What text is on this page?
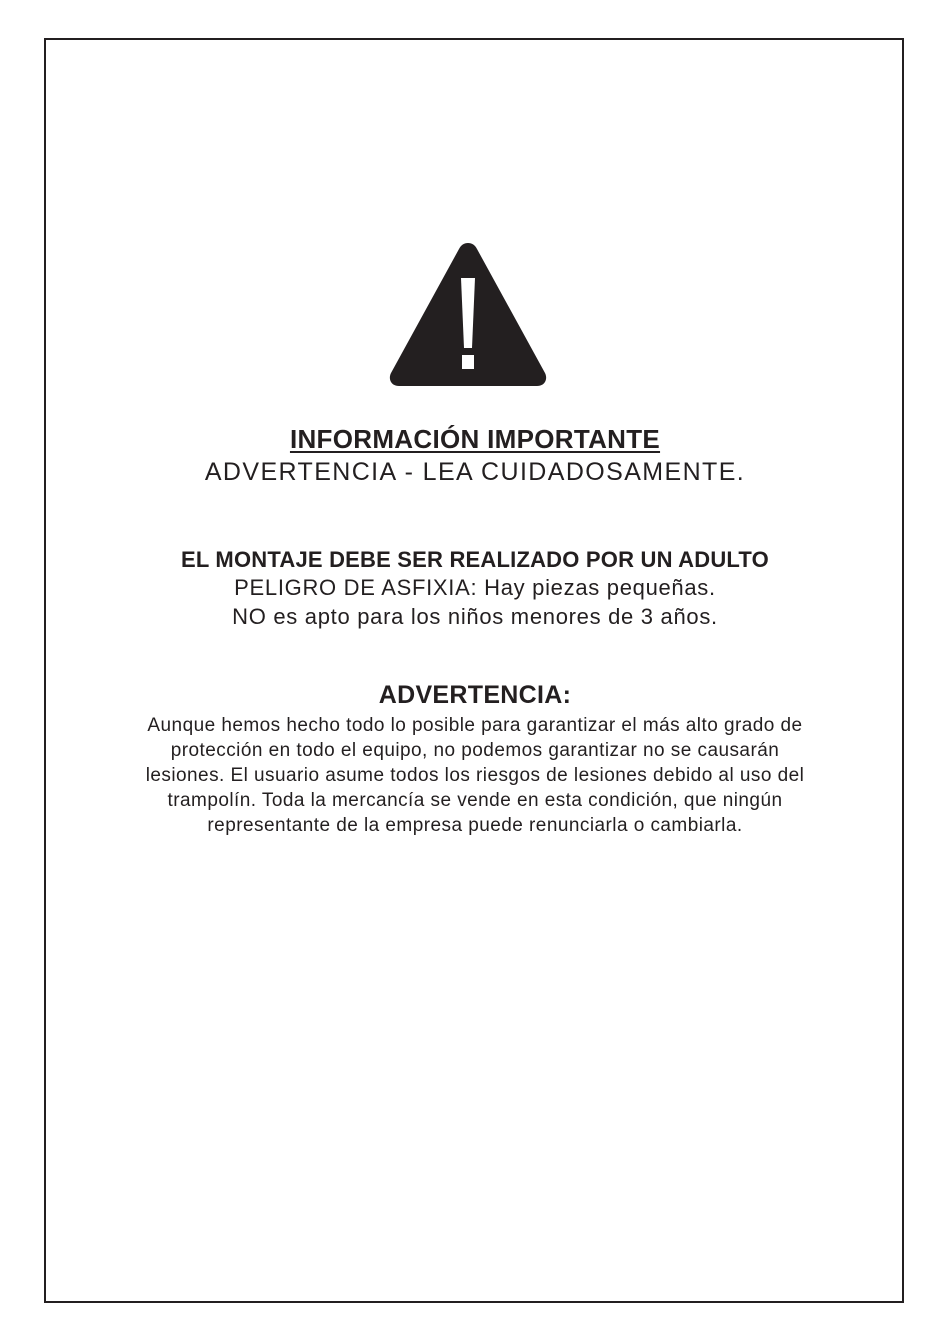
INFORMACIÓN IMPORTANTE
ADVERTENCIA - LEA CUIDADOSAMENTE.
EL MONTAJE DEBE SER REALIZADO POR UN ADULTO
PELIGRO DE ASFIXIA: Hay piezas pequeñas.
NO es apto para los niños menores de 3 años.
ADVERTENCIA:
Aunque hemos hecho todo lo posible para garantizar el más alto grado de
protección en todo el equipo, no podemos garantizar no se causarán
lesiones. El usuario asume todos los riesgos de lesiones debido al uso del
trampolín. Toda la mercancía se vende en esta condición, que ningún
representante de la empresa puede renunciarla o cambiarla.
